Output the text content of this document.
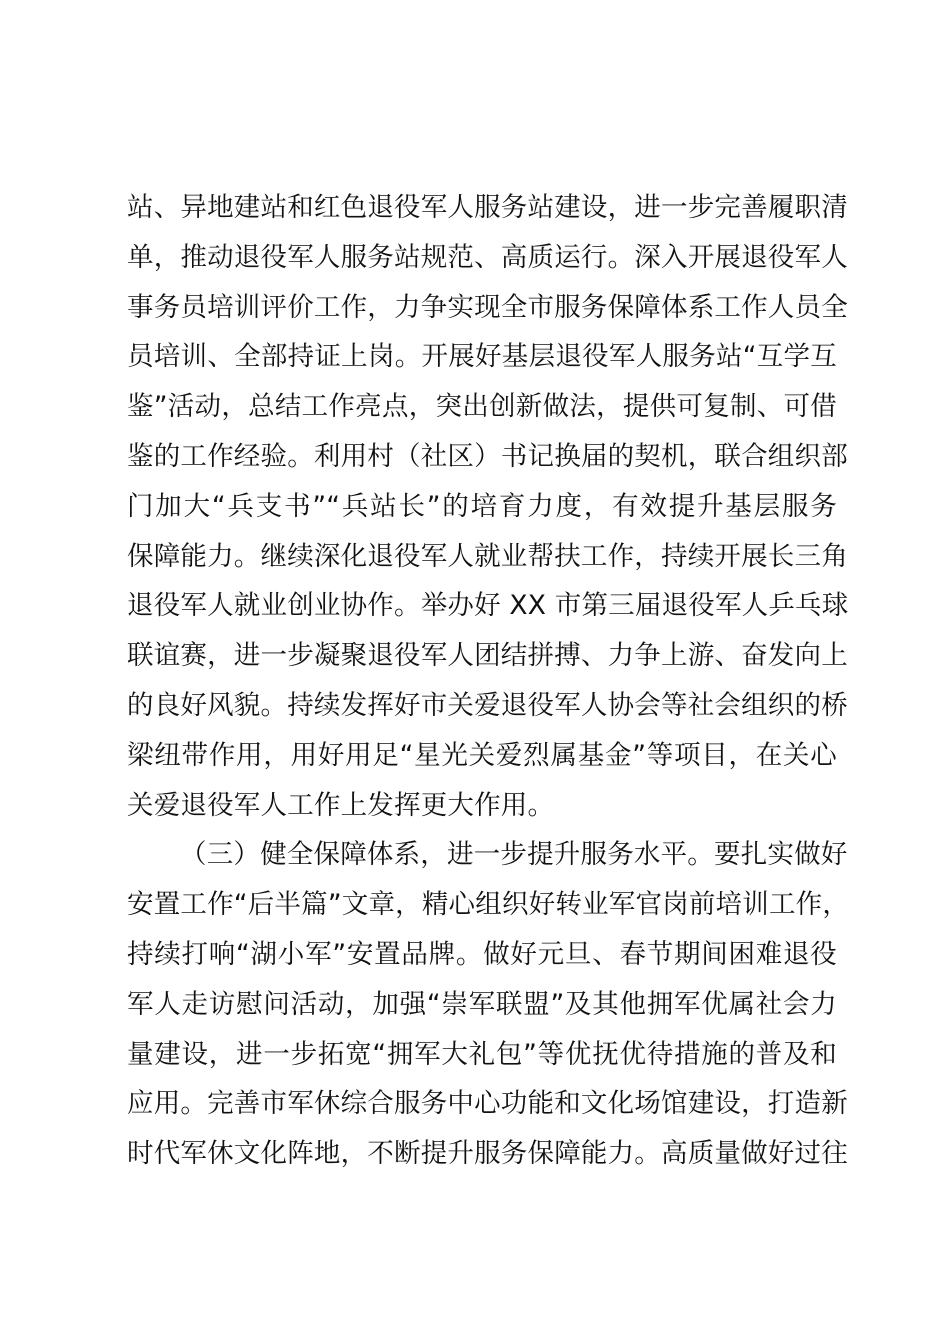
站、异地建站和红色退役军人服务站建设，进一步完善履职清
单，推动退役军人服务站规范、高质运行。深入开展退役军人
事务员培训评价工作，力争实现全市服务保障体系工作人员全
员培训、全部持证上岗。开展好基层退役军人服务站“互学互
鉴”活动，总结工作亮点，突出创新做法，提供可复制、可借
鉴的工作经验。利用村（社区）书记换届的契机，联合组织部
门加大“兵支书”“兵站长”的培育力度，有效提升基层服务
保障能力。继续深化退役军人就业帮扶工作，持续开展长三角
退役军人就业创业协作。举办好 XX 市第三届退役军人乒乓球
联谊赛，进一步凝聚退役军人团结拼搏、力争上游、奋发向上
的良好风貌。持续发挥好市关爱退役军人协会等社会组织的桥
梁纽带作用，用好用足“星光关爱烈属基金”等项目，在关心
关爱退役军人工作上发挥更大作用。
（三）健全保障体系，进一步提升服务水平。要扎实做好
安置工作“后半篇”文章，精心组织好转业军官岗前培训工作，
持续打响“湖小军”安置品牌。做好元旦、春节期间困难退役
军人走访慰问活动，加强“崇军联盟”及其他拥军优属社会力
量建设，进一步拓宽“拥军大礼包”等优抚优待措施的普及和
应用。完善市军休综合服务中心功能和文化场馆建设，打造新
时代军休文化阵地，不断提升服务保障能力。高质量做好过往
